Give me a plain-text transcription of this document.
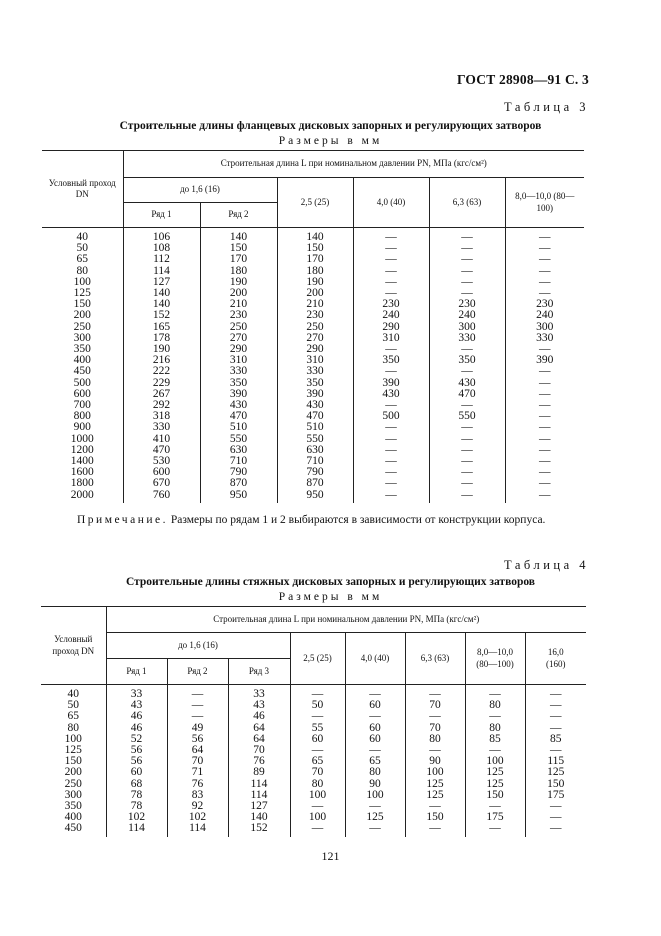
ГОСТ 28908—91 С. 3
Таблица 3
Строительные длины фланцевых дисковых запорных и регулирующих затворов
Размеры в мм
Условный проход DN	Строительная длина L при номинальном давлении PN, МПа (кгс/см²)					
	до 1,6 (16)		2,5 (25)	4,0 (40)	6,3 (63)	8,0—10,0 (80—100)
	Ряд 1	Ряд 2				
40	106	140	140	—	—	—
50	108	150	150	—	—	—
65	112	170	170	—	—	—
80	114	180	180	—	—	—
100	127	190	190	—	—	—
125	140	200	200	—	—	—
150	140	210	210	230	230	230
200	152	230	230	240	240	240
250	165	250	250	290	300	300
300	178	270	270	310	330	330
350	190	290	290	—	—	—
400	216	310	310	350	350	390
450	222	330	330	—	—	—
500	229	350	350	390	430	—
600	267	390	390	430	470	—
700	292	430	430	—	—	—
800	318	470	470	500	550	—
900	330	510	510	—	—	—
1000	410	550	550	—	—	—
1200	470	630	630	—	—	—
1400	530	710	710	—	—	—
1600	600	790	790	—	—	—
1800	670	870	870	—	—	—
2000	760	950	950	—	—	—
Примечание. Размеры по рядам 1 и 2 выбираются в зависимости от конструкции корпуса.
Таблица 4
Строительные длины стяжных дисковых запорных и регулирующих затворов
Размеры в мм
Условный проход DN	Строительная длина L при номинальном давлении PN, МПа (кгс/см²)							
	до 1,6 (16)			2,5 (25)	4,0 (40)	6,3 (63)	8,0—10,0 (80—100)	16,0 (160)
	Ряд 1	Ряд 2	Ряд 3					
40	33	—	33	—	—	—	—	—
50	43	—	43	50	60	70	80	—
65	46	—	46	—	—	—	—	—
80	46	49	64	55	60	70	80	—
100	52	56	64	60	60	80	85	85
125	56	64	70	—	—	—	—	—
150	56	70	76	65	65	90	100	115
200	60	71	89	70	80	100	125	125
250	68	76	114	80	90	125	125	150
300	78	83	114	100	100	125	150	175
350	78	92	127	—	—	—	—	—
400	102	102	140	100	125	150	175	—
450	114	114	152	—	—	—	—	—
121
